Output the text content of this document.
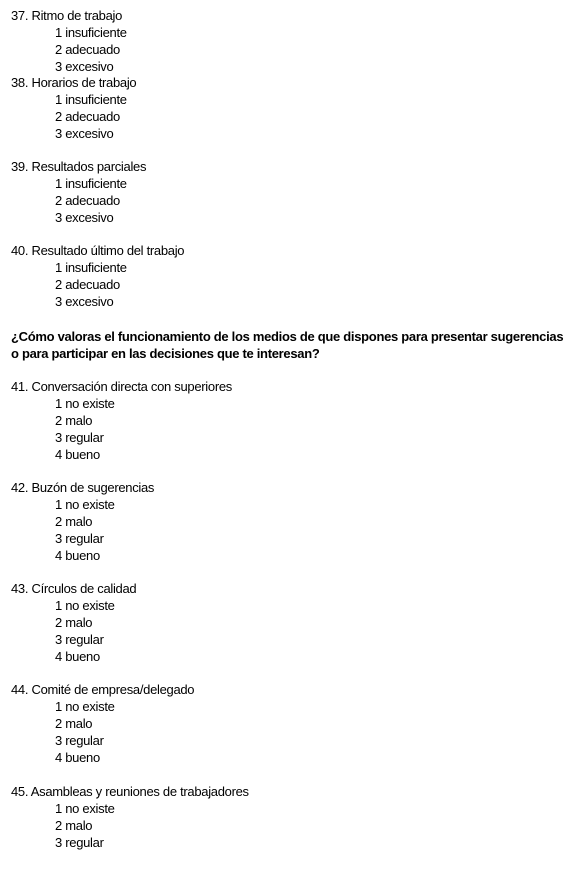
37. Ritmo de trabajo
1 insuficiente
2 adecuado
3 excesivo
38. Horarios de trabajo
1 insuficiente
2 adecuado
3 excesivo
39. Resultados parciales
1 insuficiente
2 adecuado
3 excesivo
40. Resultado último del trabajo
1 insuficiente
2 adecuado
3 excesivo
¿Cómo valoras el funcionamiento de los medios de que dispones para presentar sugerencias o para participar en las decisiones que te interesan?
41. Conversación directa con superiores
1 no existe
2 malo
3 regular
4 bueno
42. Buzón de sugerencias
1 no existe
2 malo
3 regular
4 bueno
43. Círculos de calidad
1 no existe
2 malo
3 regular
4 bueno
44. Comité de empresa/delegado
1 no existe
2 malo
3 regular
4 bueno
45. Asambleas y reuniones de trabajadores
1 no existe
2 malo
3 regular
